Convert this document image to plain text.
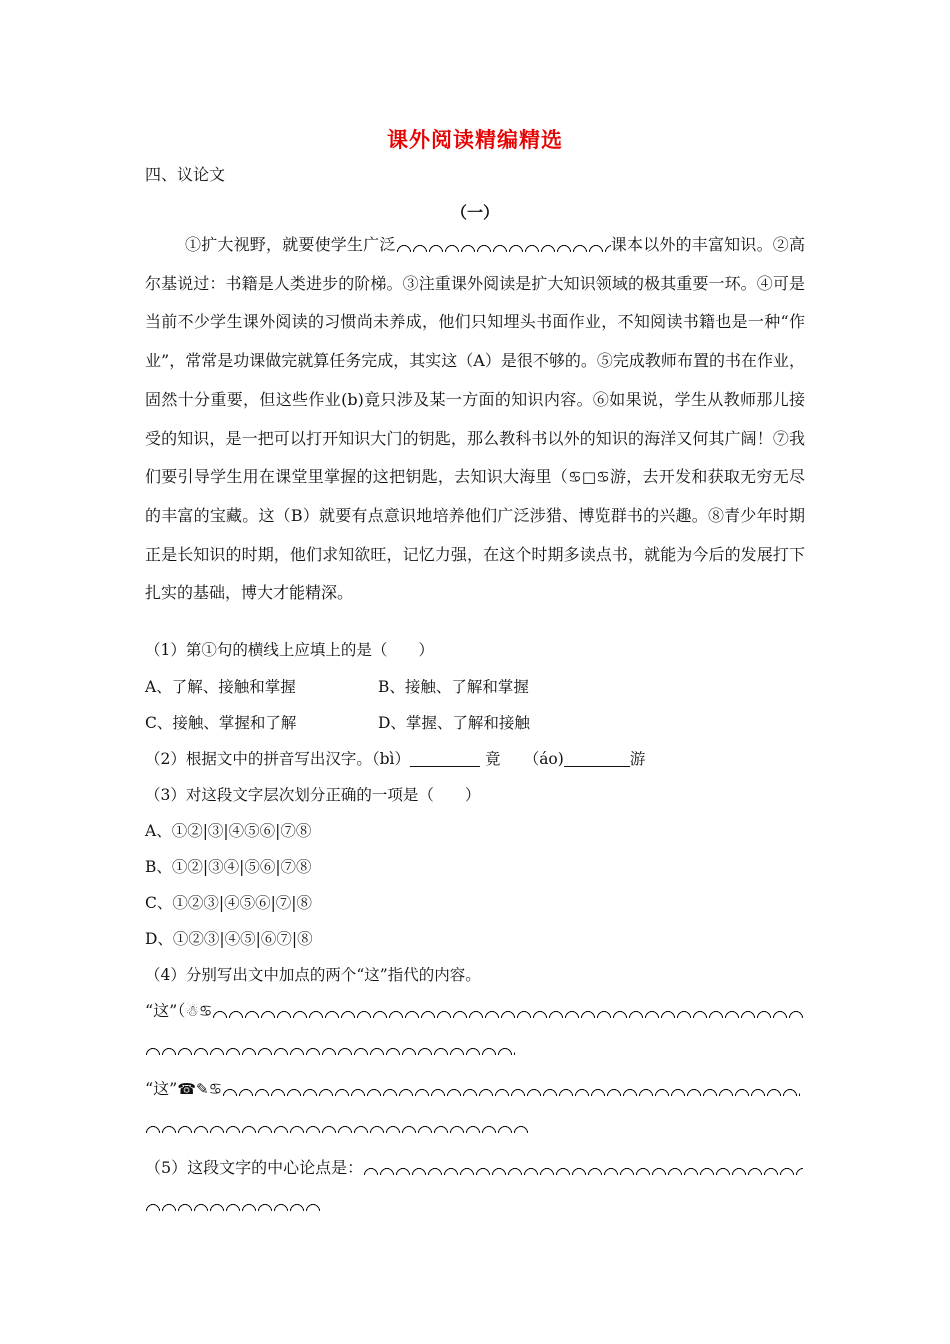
课外阅读精编精选
四、议论文
（一）
①扩大视野，就要使学生广泛	课本以外的丰富知识。②高尔基说过：书籍是人类进步的阶梯。③注重课外阅读是扩大知识领域的极其重要一环。④可是当前不少学生课外阅读的习惯尚未养成，他们只知埋头书面作业，不知阅读书籍也是一种“作业”，常常是功课做完就算任务完成，其实这（A）是很不够的。⑤完成教师布置的书在作业，固然十分重要，但这些作业(b)竟只涉及某一方面的知识内容。⑥如果说，学生从教师那儿接受的知识，是一把可以打开知识大门的钥匙，那么教科书以外的知识的海洋又何其广阔！⑦我们要引导学生用在课堂里掌握的这把钥匙，去知识大海里（♋□♋游，去开发和获取无穷无尽的丰富的宝藏。这（B）就要有点意识地培养他们广泛涉猎、博览群书的兴趣。⑧青少年时期正是长知识的时期，他们求知欲旺，记忆力强，在这个时期多读点书，就能为今后的发展打下扎实的基础，博大才能精深。
（1）第①句的横线上应填上的是（　　）
A、了解、接触和掌握	B、接触、了解和掌握
C、接触、掌握和了解	D、掌握、了解和接触
（2）根据文中的拼音写出汉字。（bì）	竟　　（áo)	游
（3）对这段文字层次划分正确的一项是（　　）
A、①②|③|④⑤⑥|⑦⑧
B、①②|③④|⑤⑥|⑦⑧
C、①②③|④⑤⑥|⑦|⑧
D、①②③|④⑤|⑥⑦|⑧
（4）分别写出文中加点的两个“这”指代的内容。
“这”（☃♋
“这”☎✎♋
（5）这段文字的中心论点是：
